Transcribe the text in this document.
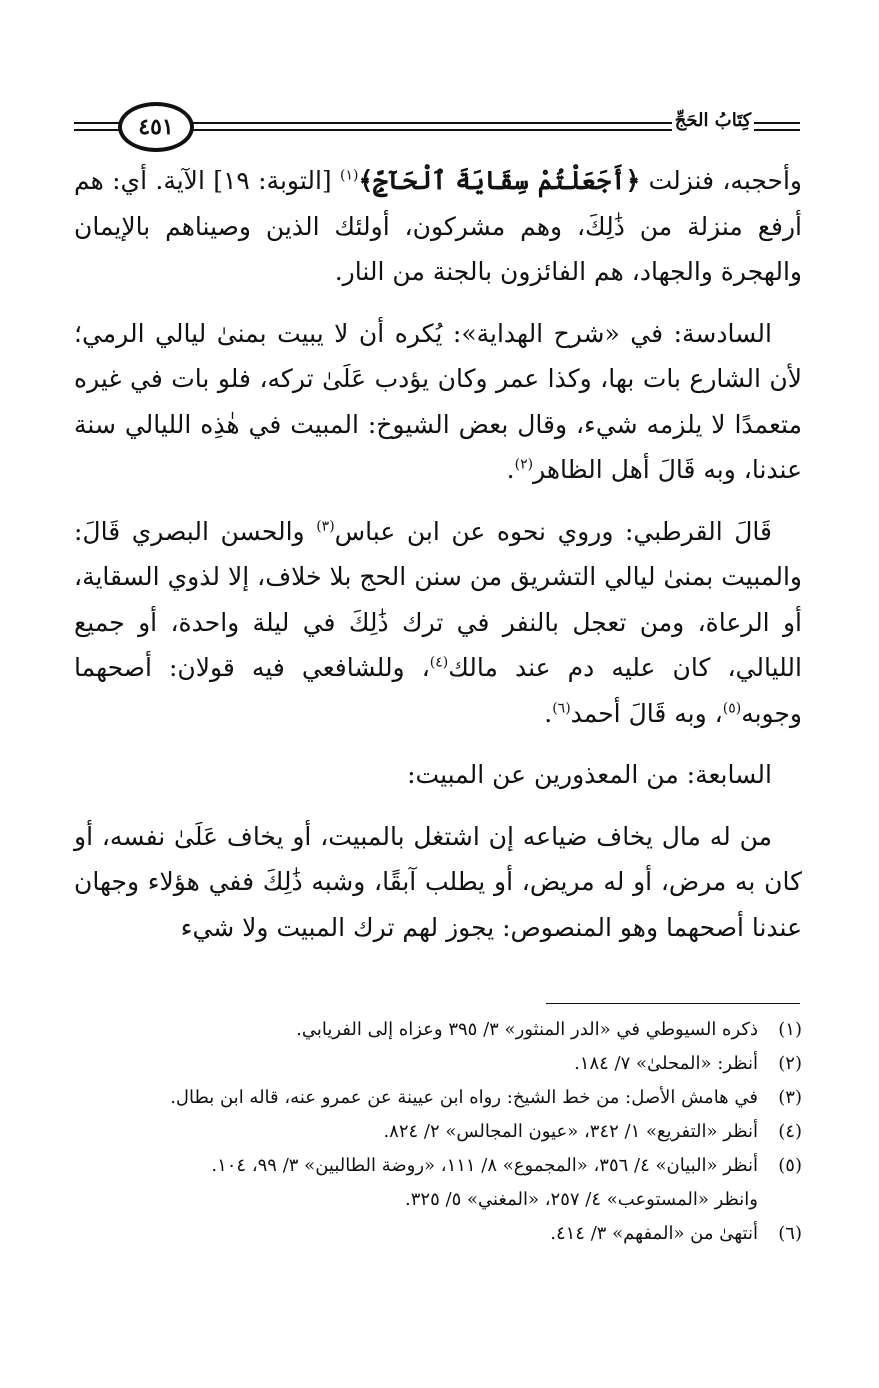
٤٥١	كِتَابُ الحَجِّ

وأحجبه، فنزلت ﴿أَجَعَلْتُمْ سِقَايَةَ ٱلْحَآجِّ﴾$^{(١)}$ [التوبة: ١٩] الآية. أي: هم أرفع منزلة من ذَٰلِكَ، وهم مشركون، أولئك الذين وصيناهم بالإيمان والهجرة والجهاد، هم الفائزون بالجنة من النار.

السادسة: في «شرح الهداية»: يُكره أن لا يبيت بمنىٰ ليالي الرمي؛ لأن الشارع بات بها، وكذا عمر وكان يؤدب عَلَىٰ تركه، فلو بات في غيره متعمدًا لا يلزمه شيء، وقال بعض الشيوخ: المبيت في هٰذِه الليالي سنة عندنا، وبه قَالَ أهل الظاهر$^{(٢)}$.

قَالَ القرطبي: وروي نحوه عن ابن عباس$^{(٣)}$ والحسن البصري قَالَ: والمبيت بمنىٰ ليالي التشريق من سنن الحج بلا خلاف، إلا لذوي السقاية، أو الرعاة، ومن تعجل بالنفر في ترك ذَٰلِكَ في ليلة واحدة، أو جميع الليالي، كان عليه دم عند مالك$^{(٤)}$، وللشافعي فيه قولان: أصحهما وجوبه$^{(٥)}$، وبه قَالَ أحمد$^{(٦)}$.

السابعة: من المعذورين عن المبيت:

من له مال يخاف ضياعه إن اشتغل بالمبيت، أو يخاف عَلَىٰ نفسه، أو كان به مرض، أو له مريض، أو يطلب آبقًا، وشبه ذَٰلِكَ ففي هؤلاء وجهان عندنا أصحهما وهو المنصوص: يجوز لهم ترك المبيت ولا شيء

(١)
ذكره السيوطي في «الدر المنثور» ٣/ ٣٩٥ وعزاه إلى الفريابي.
(٢)
أنظر: «المحلىٰ» ٧/ ١٨٤.
(٣)
في هامش الأصل: من خط الشيخ: رواه ابن عيينة عن عمرو عنه، قاله ابن بطال.
(٤)
أنظر «التفريع» ١/ ٣٤٢، «عيون المجالس» ٢/ ٨٢٤.
(٥)
أنظر «البيان» ٤/ ٣٥٦، «المجموع» ٨/ ١١١، «روضة الطالبين» ٣/ ٩٩، ١٠٤.
وانظر «المستوعب» ٤/ ٢٥٧، «المغني» ٥/ ٣٢٥.
(٦)
أنتهىٰ من «المفهم» ٣/ ٤١٤.
